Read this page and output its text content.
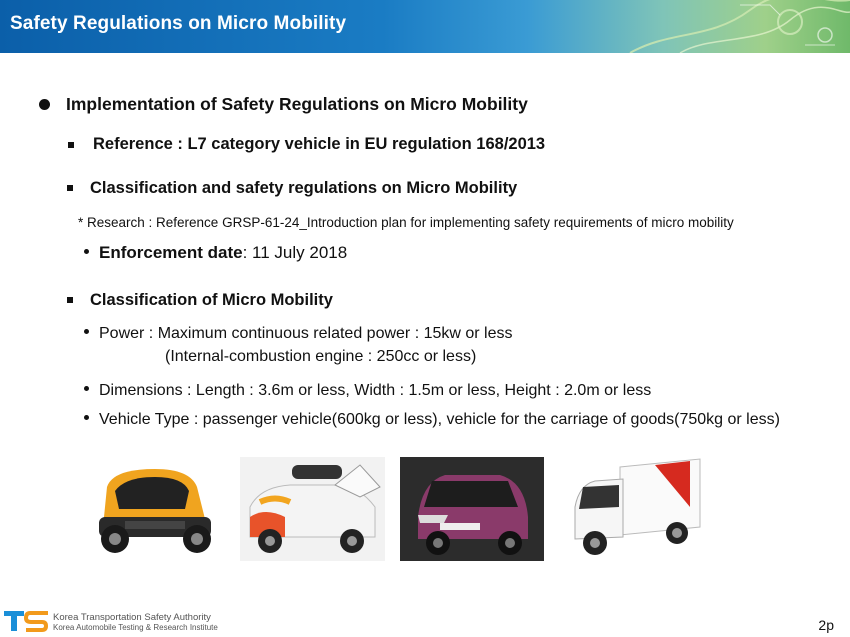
Safety Regulations on Micro Mobility
Implementation of Safety Regulations on Micro Mobility
Reference : L7 category vehicle in EU regulation 168/2013
Classification and safety regulations on Micro Mobility
* Research : Reference GRSP-61-24_Introduction plan for implementing safety requirements of micro mobility
Enforcement date: 11 July 2018
Classification of Micro Mobility
Power : Maximum continuous related power : 15kw or less
(Internal-combustion engine : 250cc or less)
Dimensions : Length : 3.6m or less, Width : 1.5m or less, Height : 2.0m or less
Vehicle Type : passenger vehicle(600kg or less), vehicle for the carriage of goods(750kg or less)
Korea Transportation Safety Authority
Korea Automobile Testing & Research Institute	2p
